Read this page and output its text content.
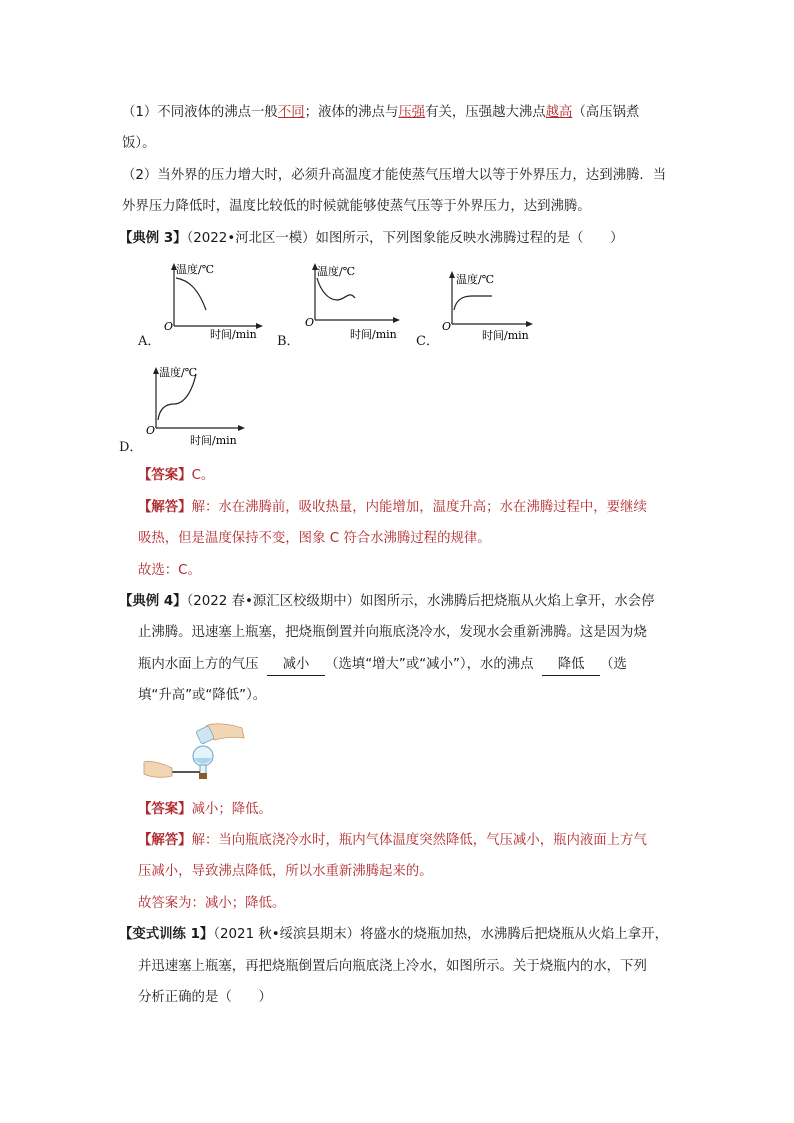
（1）不同液体的沸点一般不同；液体的沸点与压强有关，压强越大沸点越高（高压锅煮
饭）。
（2）当外界的压力增大时，必须升高温度才能使蒸气压增大以等于外界压力，达到沸腾．当
外界压力降低时，温度比较低的时候就能够使蒸气压等于外界压力，达到沸腾。
【典例 3】（2022•河北区一模）如图所示，下列图象能反映水沸腾过程的是（　　）
温度/℃
O
时间/min
A．
温度/℃
O
时间/min
B．
温度/℃
O
时间/min
C．
温度/℃
O
时间/min
D．
【答案】C。
【解答】解：水在沸腾前，吸收热量，内能增加，温度升高；水在沸腾过程中，要继续
吸热，但是温度保持不变，图象 C 符合水沸腾过程的规律。
故选：C。
【典例 4】（2022 春•源汇区校级期中）如图所示，水沸腾后把烧瓶从火焰上拿开，水会停
止沸腾。迅速塞上瓶塞，把烧瓶倒置并向瓶底浇冷水，发现水会重新沸腾。这是因为烧
瓶内水面上方的气压 减小 （选填“增大”或“减小”），水的沸点 降低 （选
填“升高”或“降低”）。
【答案】减小；降低。
【解答】解：当向瓶底浇冷水时，瓶内气体温度突然降低，气压减小，瓶内液面上方气
压减小，导致沸点降低，所以水重新沸腾起来的。
故答案为：减小；降低。
【变式训练 1】（2021 秋•绥滨县期末）将盛水的烧瓶加热，水沸腾后把烧瓶从火焰上拿开，
并迅速塞上瓶塞，再把烧瓶倒置后向瓶底浇上冷水，如图所示。关于烧瓶内的水，下列
分析正确的是（　　）
